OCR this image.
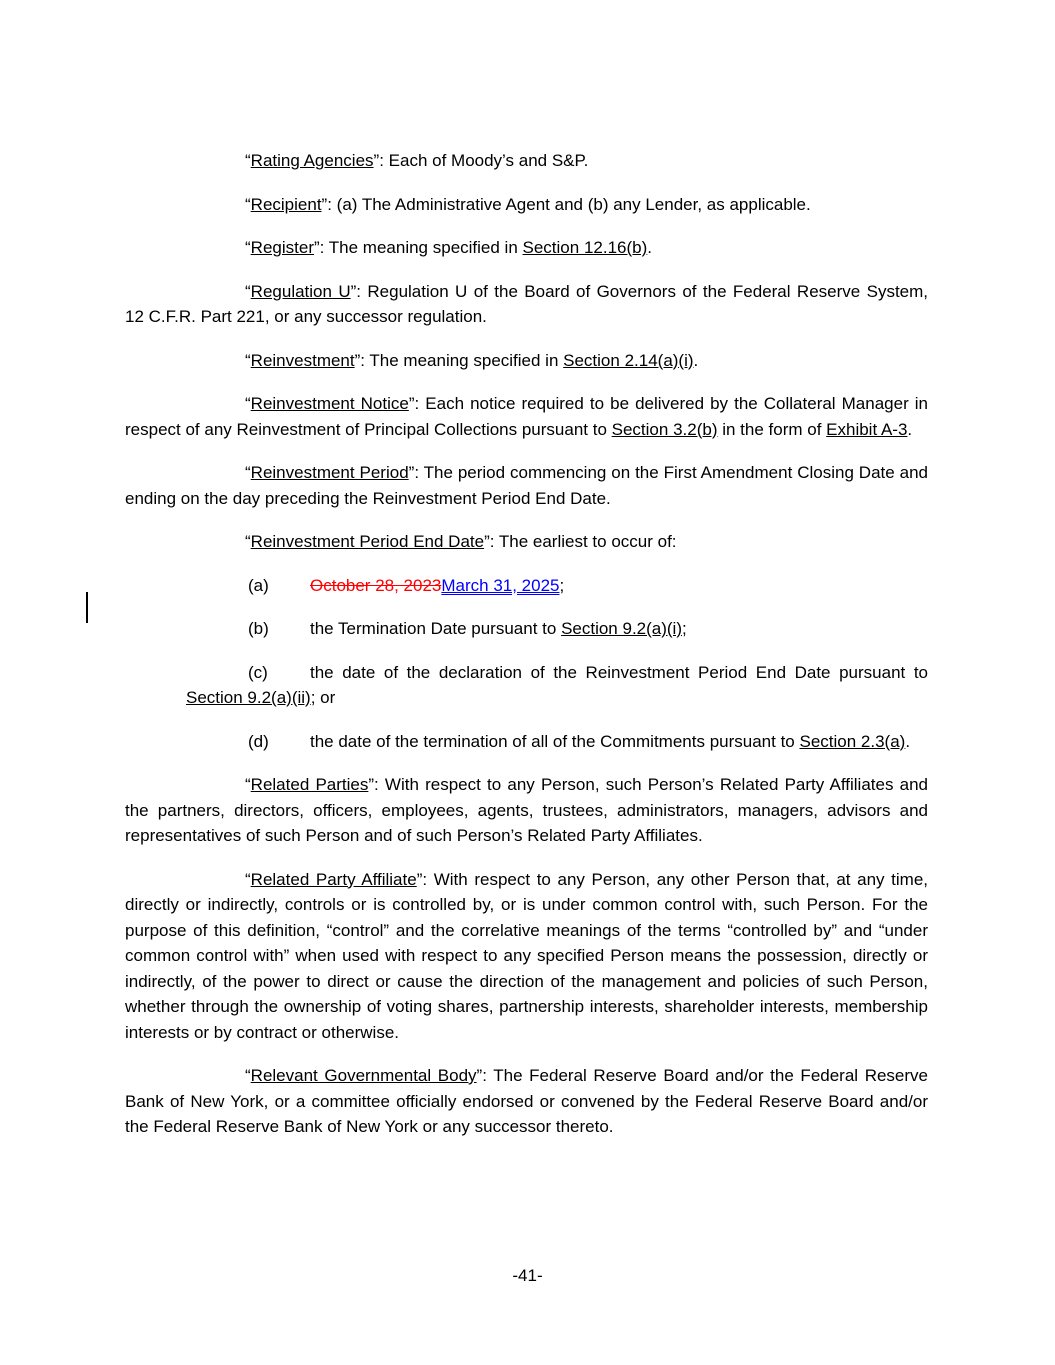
“Rating Agencies”: Each of Moody’s and S&P.

“Recipient”: (a) The Administrative Agent and (b) any Lender, as applicable.

“Register”: The meaning specified in Section 12.16(b).

“Regulation U”: Regulation U of the Board of Governors of the Federal Reserve System, 12 C.F.R. Part 221, or any successor regulation.

“Reinvestment”: The meaning specified in Section 2.14(a)(i).

“Reinvestment Notice”: Each notice required to be delivered by the Collateral Manager in respect of any Reinvestment of Principal Collections pursuant to Section 3.2(b) in the form of Exhibit A-3.

“Reinvestment Period”: The period commencing on the First Amendment Closing Date and ending on the day preceding the Reinvestment Period End Date.

“Reinvestment Period End Date”: The earliest to occur of:

(a) October 28, 2023March 31, 2025;

(b) the Termination Date pursuant to Section 9.2(a)(i);

(c) the date of the declaration of the Reinvestment Period End Date pursuant to Section 9.2(a)(ii); or

(d) the date of the termination of all of the Commitments pursuant to Section 2.3(a).

“Related Parties”: With respect to any Person, such Person’s Related Party Affiliates and the partners, directors, officers, employees, agents, trustees, administrators, managers, advisors and representatives of such Person and of such Person’s Related Party Affiliates.

“Related Party Affiliate”: With respect to any Person, any other Person that, at any time, directly or indirectly, controls or is controlled by, or is under common control with, such Person. For the purpose of this definition, “control” and the correlative meanings of the terms “controlled by” and “under common control with” when used with respect to any specified Person means the possession, directly or indirectly, of the power to direct or cause the direction of the management and policies of such Person, whether through the ownership of voting shares, partnership interests, shareholder interests, membership interests or by contract or otherwise.

“Relevant Governmental Body”: The Federal Reserve Board and/or the Federal Reserve Bank of New York, or a committee officially endorsed or convened by the Federal Reserve Board and/or the Federal Reserve Bank of New York or any successor thereto.

-41-
